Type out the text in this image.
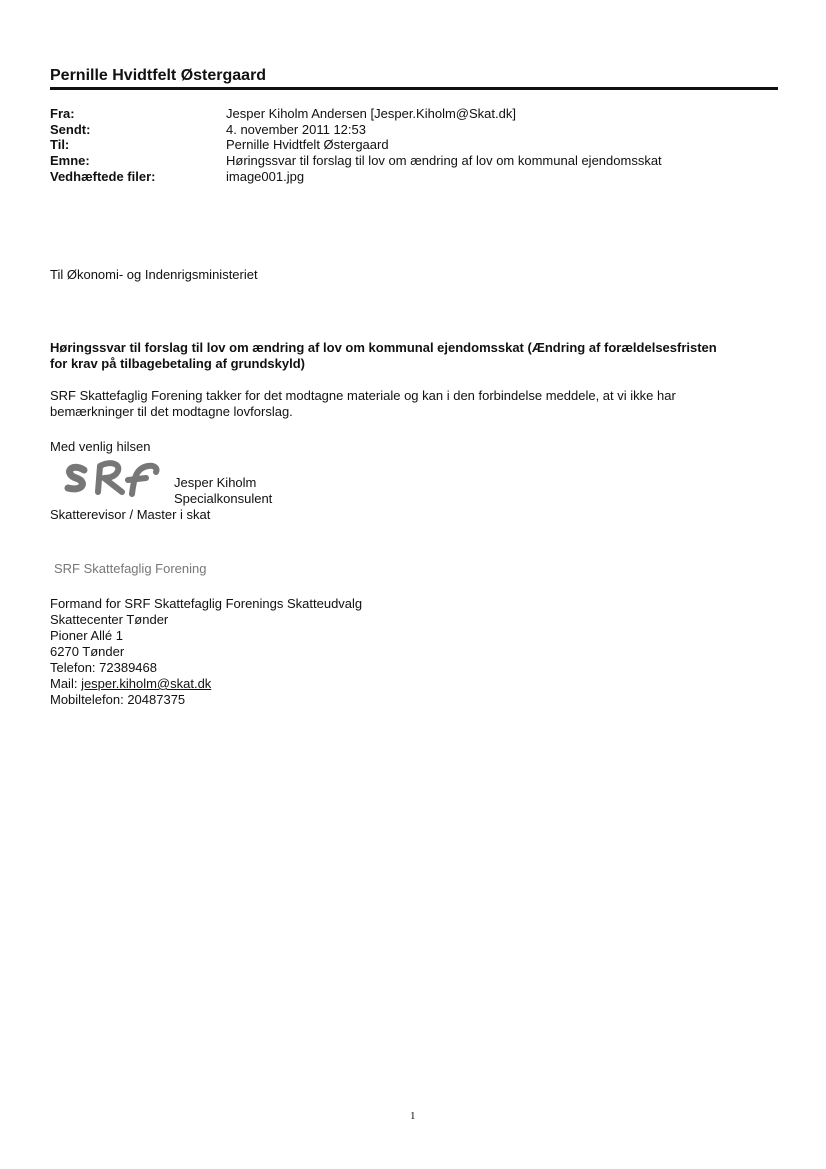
Pernille Hvidtfelt Østergaard
Fra:	Jesper Kiholm Andersen [Jesper.Kiholm@Skat.dk]
Sendt:	4. november 2011 12:53
Til:	Pernille Hvidtfelt Østergaard
Emne:	Høringssvar til forslag til lov om ændring af lov om kommunal ejendomsskat
Vedhæftede filer:	image001.jpg
Til Økonomi- og Indenrigsministeriet
Høringssvar til forslag til lov om ændring af lov om kommunal ejendomsskat (Ændring af forældelsesfristen
for krav på tilbagebetaling af grundskyld)
SRF Skattefaglig Forening takker for det modtagne materiale og kan i den forbindelse meddele, at vi ikke har
bemærkninger til det modtagne lovforslag.
Med venlig hilsen
Jesper Kiholm
Specialkonsulent
Skatterevisor / Master i skat
SRF Skattefaglig Forening
Formand for SRF Skattefaglig Forenings Skatteudvalg
Skattecenter Tønder
Pioner Allé 1
6270 Tønder
Telefon: 72389468
Mail: jesper.kiholm@skat.dk
Mobiltelefon: 20487375
1
